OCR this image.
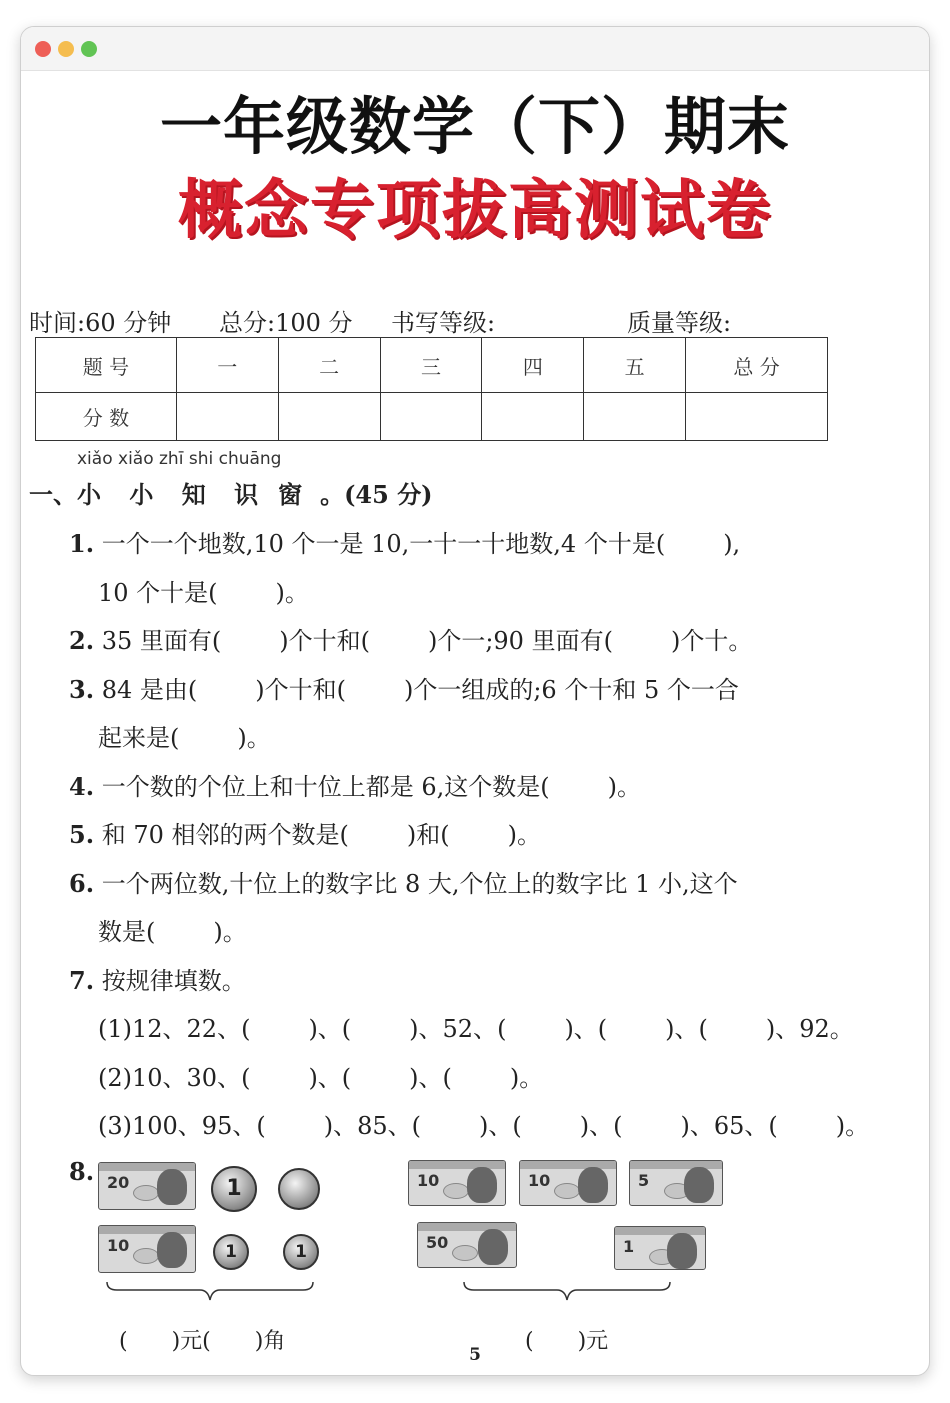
一年级数学（下）期末
概念专项拔高测试卷
时间:60 分钟 总分:100 分 书写等级:	质量等级:
题 号	一	二	三	四	五	总 分
分 数						
xiǎo xiǎo zhī shi chuāng
一、小 小 知 识 窗 。(45 分)
1. 一个一个地数,10 个一是 10,一十一十地数,4 个十是( ),
10 个十是( )。
2. 35 里面有( )个十和( )个一;90 里面有( )个十。
3. 84 是由( )个十和( )个一组成的;6 个十和 5 个一合
起来是( )。
4. 一个数的个位上和十位上都是 6,这个数是( )。
5. 和 70 相邻的两个数是( )和( )。
6. 一个两位数,十位上的数字比 8 大,个位上的数字比 1 小,这个
数是( )。
7. 按规律填数。
(1)12、22、( )、( )、52、( )、( )、( )、92。
(2)10、30、( )、( )、( )。
(3)100、95、( )、85、( )、( )、( )、65、( )。
8. 20	1
10	1	1
( )元( )角
10	10	5
50	1
( )元
5
